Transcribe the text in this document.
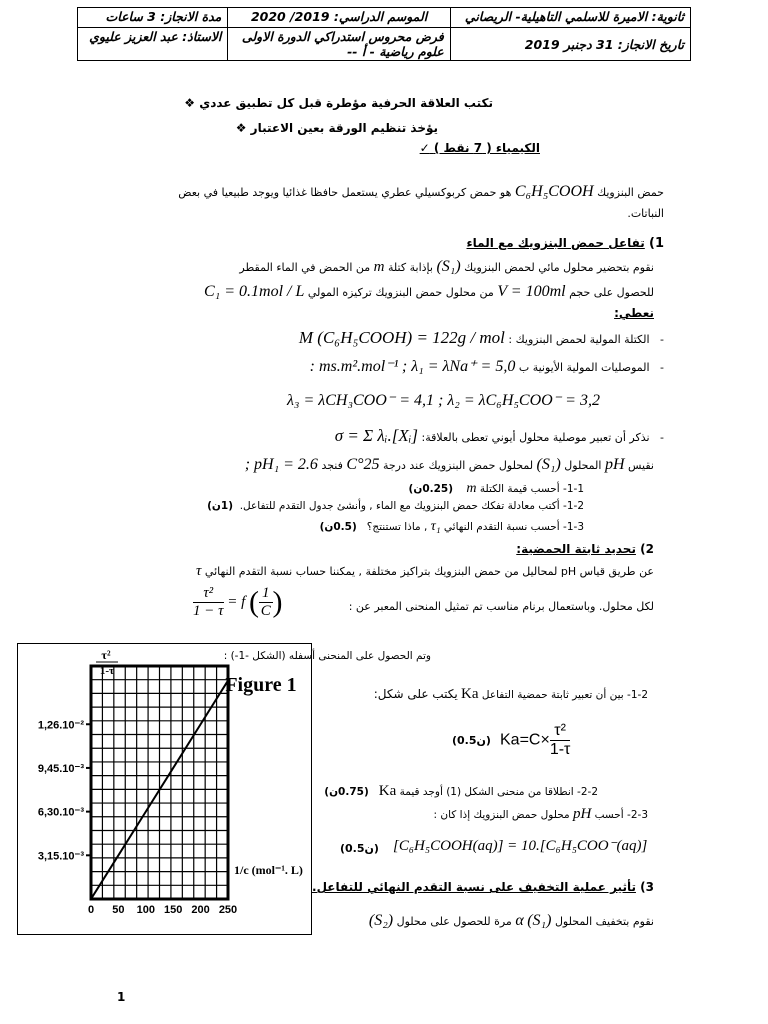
ثانوية: الاميرة للاسلمي التاهيلية- الريصاني	الموسم الدراسي: 2019/ 2020	مدة الانجاز: 3 ساعات
تاريخ الانجاز: 31 دجنبر 2019	فرض محروس استدراكي الدورة الاولى
علوم رياضية - أ --	الاستاذ: عبد العزيز عليوي
تكتب العلاقة الحرفية مؤطرة قبل كل تطبيق عددي ❖
يؤخذ تنظيم الورقة بعين الاعتبار ❖
الكيمياء ( 7 نقط ) ✓
حمض البنزويك C₆H₅COOH هو حمض كربوكسيلي عطري يستعمل حافظا غذائيا ويوجد طبيعيا في بعض
النباتات.
1) تفاعل حمض البنزويك مع الماء
نقوم بتحضير محلول مائي لحمض البنزويك (S₁) بإذابة كتلة m من الحمض في الماء المقطر
للحصول على حجم V = 100ml من محلول حمض البنزويك تركيزه المولي C₁ = 0.1mol / L
نعطي:
-   الكتلة المولية لحمض البنزويك : M (C₆H₅COOH) = 122g / mol
-   الموصليات المولية الأيونية ب ms.m².mol⁻¹ ; λ₁ = λNa⁺ = 5,0 :
λ₃ = λCH₃COO⁻ = 4,1 ; λ₂ = λC₆H₅COO⁻ = 3,2
-   نذكر أن تعبير موصلية محلول أيوني تعطى بالعلاقة: σ = Σ λᵢ.[Xᵢ]
نقيس pH المحلول (S₁) لمحلول حمض البنزويك عند درجة 25°C فنجد pH₁ = 2.6 ;
1-1- أحسب قيمة الكتلة m    (0.25ن)
1-2- أكتب معادلة تفكك حمض البنزويك مع الماء , وأنشئ جدول التقدم للتفاعل.  (1ن)
1-3- أحسب نسبة التقدم النهائي τ₁ , ماذا تستنتج؟   (0.5ن)
2) تحديد ثابتة الحمضية:
عن طريق قياس pH لمحاليل من حمض البنزويك بتراكيز مختلفة , يمكننا حساب نسبة التقدم النهائي τ
لكل محلول. وباستعمال برنام مناسب تم تمثيل المنحنى المعبر عن :
$\frac{\text{τ²}}{1 - \tau} = f$ ( $\frac{1}{C}$ )
وتم الحصول على المنحنى أسفله (الشكل -1-) :
1-2- بين أن تعبير ثابتة حمضية التفاعل Ka يكتب على شكل:
(0.5ن) $Ka=C\times \frac{\text{τ²}}{1-\tau}$
2-2- انطلاقا من منحنى الشكل (1) أوجد قيمة Ka   (0.75ن)
2-3- أحسب pH محلول حمض البنزويك إذا كان :
[C₆H₅COOH(aq)] = 10.[C₆H₅COO⁻(aq)]
(0.5ن)
3) تأثير عملية التخفيف على نسبة التقدم النهائي للتفاعل.
نقوم بتخفيف المحلول (S₁) α مرة للحصول على محلول (S₂)
3,15.10⁻³
6,30.10⁻³
9,45.10⁻³
1,26.10⁻²
0 50 100 150 200 250
Figure 1
τ²
1-τ
1/c (mol⁻¹. L)
1
